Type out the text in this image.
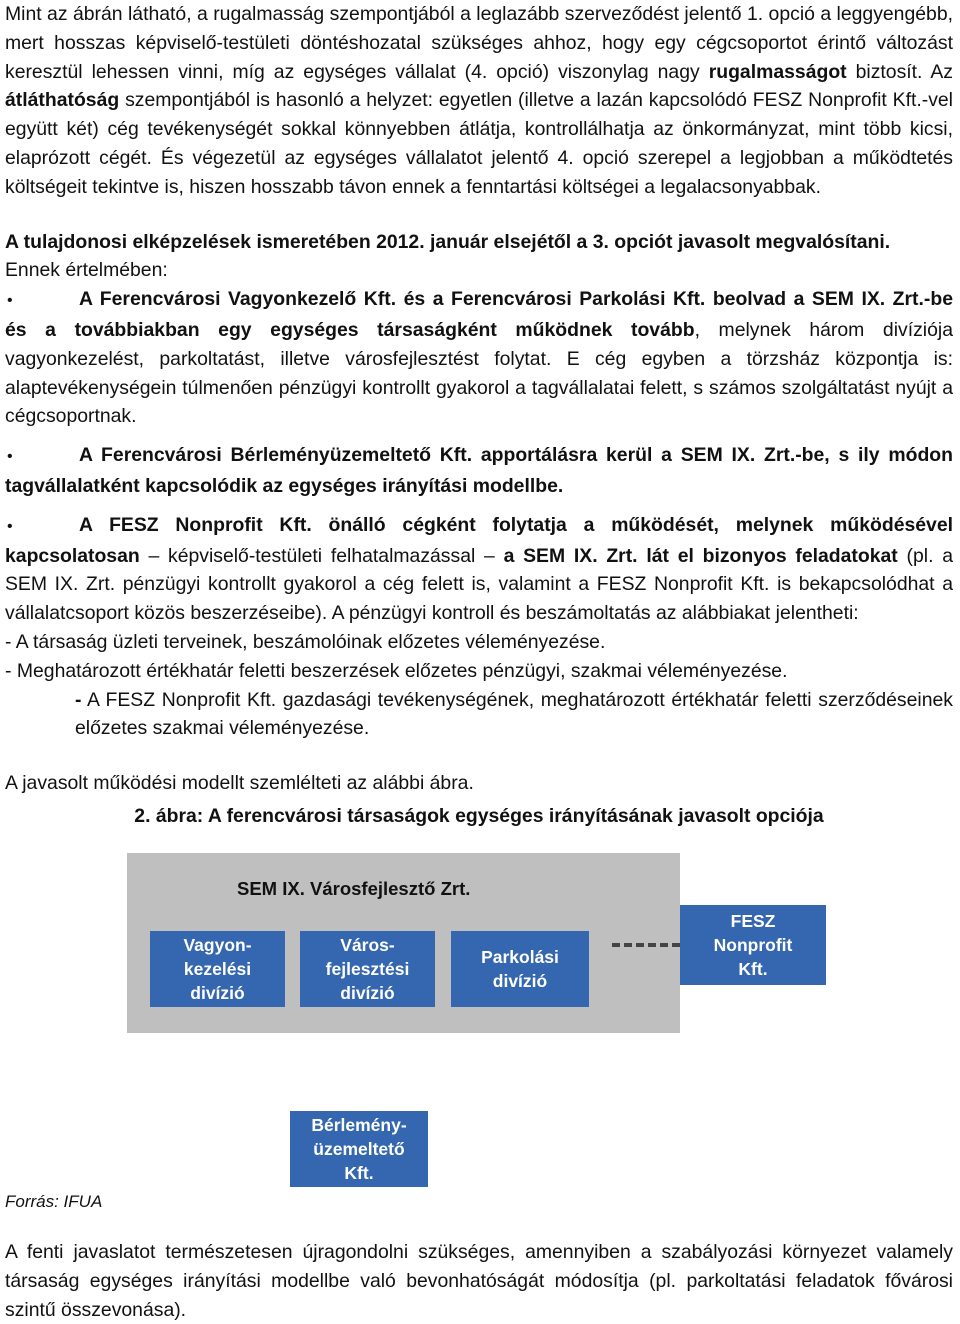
Mint az ábrán látható, a rugalmasság szempontjából a leglazább szerveződést jelentő 1. opció a leggyengébb, mert hosszas képviselő-testületi döntéshozatal szükséges ahhoz, hogy egy cégcsoportot érintő változást keresztül lehessen vinni, míg az egységes vállalat (4. opció) viszonylag nagy rugalmasságot biztosít. Az átláthatóság szempontjából is hasonló a helyzet: egyetlen (illetve a lazán kapcsolódó FESZ Nonprofit Kft.-vel együtt két) cég tevékenységét sokkal könnyebben átlátja, kontrollálhatja az önkormányzat, mint több kicsi, elaprózott cégét. És végezetül az egységes vállalatot jelentő 4. opció szerepel a legjobban a működtetés költségeit tekintve is, hiszen hosszabb távon ennek a fenntartási költségei a legalacsonyabbak.

A tulajdonosi elképzelések ismeretében 2012. január elsejétől a 3. opciót javasolt megvalósítani.

Ennek értelmében:

•	A Ferencvárosi Vagyonkezelő Kft. és a Ferencvárosi Parkolási Kft. beolvad a SEM IX. Zrt.-be

és a továbbiakban egy egységes társaságként működnek tovább, melynek három divíziója vagyonkezelést, parkoltatást, illetve városfejlesztést folytat. E cég egyben a törzsház központja is: alaptevékenységein túlmenően pénzügyi kontrollt gyakorol a tagvállalatai felett, s számos szolgáltatást nyújt a cégcsoportnak.

•	A Ferencvárosi Bérleményüzemeltető Kft. apportálásra kerül a SEM IX. Zrt.-be, s ily módon

tagvállalatként kapcsolódik az egységes irányítási modellbe.

•	A FESZ Nonprofit Kft. önálló cégként folytatja a működését, melynek működésével

kapcsolatosan – képviselő-testületi felhatalmazással – a SEM IX. Zrt. lát el bizonyos feladatokat (pl. a SEM IX. Zrt. pénzügyi kontrollt gyakorol a cég felett is, valamint a FESZ Nonprofit Kft. is bekapcsolódhat a vállalatcsoport közös beszerzéseibe). A pénzügyi kontroll és beszámoltatás az alábbiakat jelentheti:

- A társaság üzleti terveinek, beszámolóinak előzetes véleményezése.

- Meghatározott értékhatár feletti beszerzések előzetes pénzügyi, szakmai véleményezése.

- A FESZ Nonprofit Kft. gazdasági tevékenységének, meghatározott értékhatár feletti szerződéseinek előzetes szakmai véleményezése.

A javasolt működési modellt szemlélteti az alábbi ábra.

2. ábra: A ferencvárosi társaságok egységes irányításának javasolt opciója

SEM IX. Városfejlesztő Zrt.
Vagyon-
kezelési
divízió
Város-
fejlesztési
divízió
Parkolási
divízió
FESZ
Nonprofit
Kft.
Bérlemény-
üzemeltető
Kft.
Forrás: IFUA

A fenti javaslatot természetesen újragondolni szükséges, amennyiben a szabályozási környezet valamely társaság egységes irányítási modellbe való bevonhatóságát módosítja (pl. parkoltatási feladatok fővárosi szintű összevonása).
